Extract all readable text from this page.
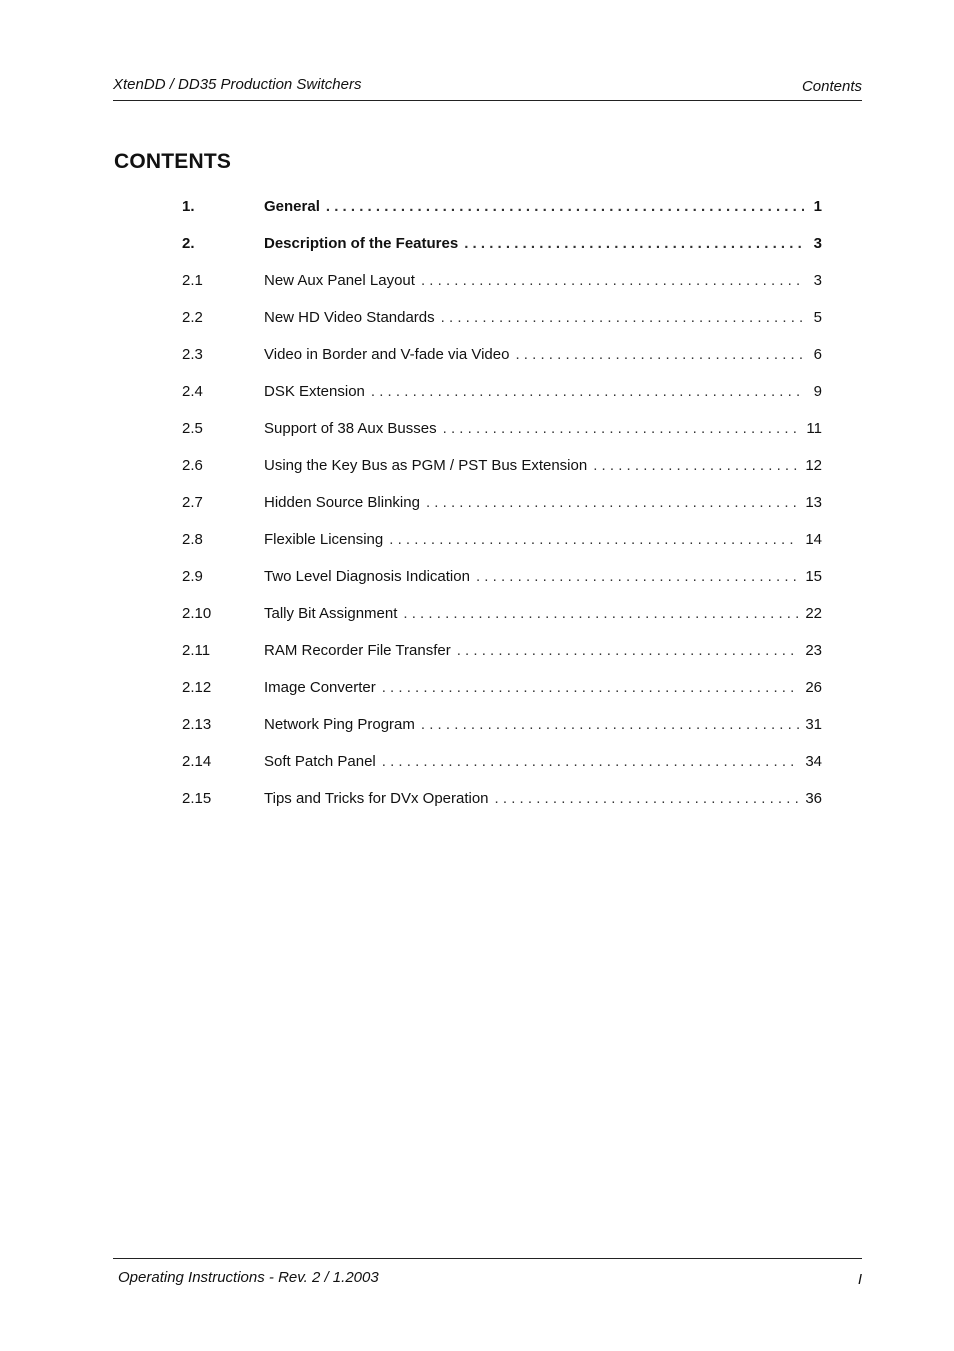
XtenDD / DD35 Production Switchers	Contents
CONTENTS
1.	General . . .	1
2.	Description of the Features . . .	3
2.1	New Aux Panel Layout . . .	3
2.2	New HD Video Standards . . .	5
2.3	Video in Border and V-fade via Video . . .	6
2.4	DSK Extension . . .	9
2.5	Support of 38 Aux Busses . . .	11
2.6	Using the Key Bus as PGM / PST Bus Extension . . .	12
2.7	Hidden Source Blinking . . .	13
2.8	Flexible Licensing . . .	14
2.9	Two Level Diagnosis Indication . . .	15
2.10	Tally Bit Assignment . . .	22
2.11	RAM Recorder File Transfer . . .	23
2.12	Image Converter . . .	26
2.13	Network Ping Program . . .	31
2.14	Soft Patch Panel . . .	34
2.15	Tips and Tricks for DVx Operation . . .	36
Operating Instructions - Rev. 2 / 1.2003	I
